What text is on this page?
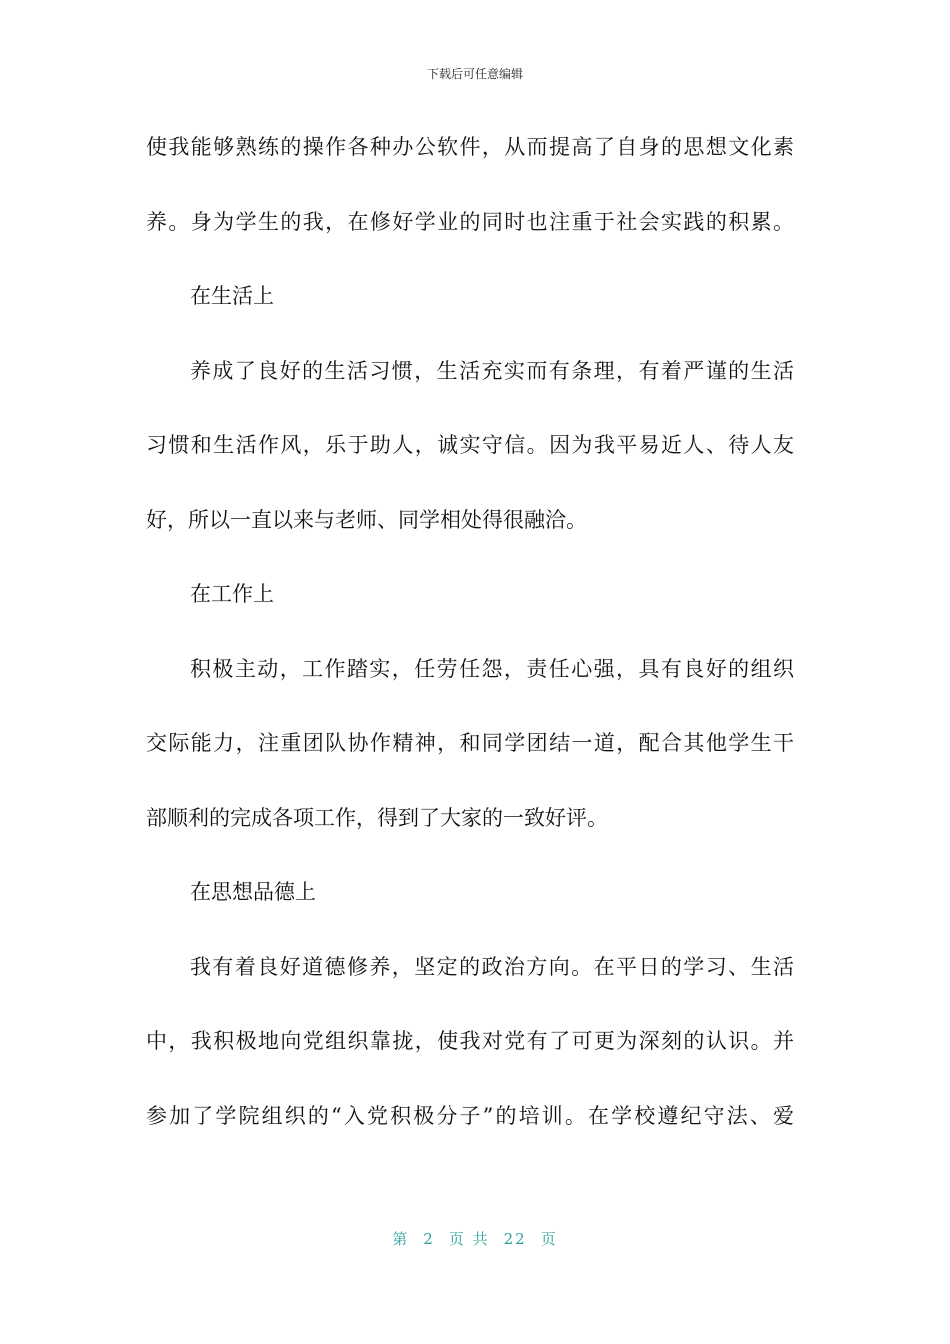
下载后可任意编辑
使我能够熟练的操作各种办公软件，从而提高了自身的思想文化素
养。身为学生的我，在修好学业的同时也注重于社会实践的积累。
在生活上
养成了良好的生活习惯，生活充实而有条理，有着严谨的生活
习惯和生活作风，乐于助人，诚实守信。因为我平易近人、待人友
好，所以一直以来与老师、同学相处得很融洽。
在工作上
积极主动，工作踏实，任劳任怨，责任心强，具有良好的组织
交际能力，注重团队协作精神，和同学团结一道，配合其他学生干
部顺利的完成各项工作，得到了大家的一致好评。
在思想品德上
我有着良好道德修养，坚定的政治方向。在平日的学习、生活
中，我积极地向党组织靠拢，使我对党有了可更为深刻的认识。并
参加了学院组织的“入党积极分子”的培训。在学校遵纪守法、爱
第 2 页 共 22 页
